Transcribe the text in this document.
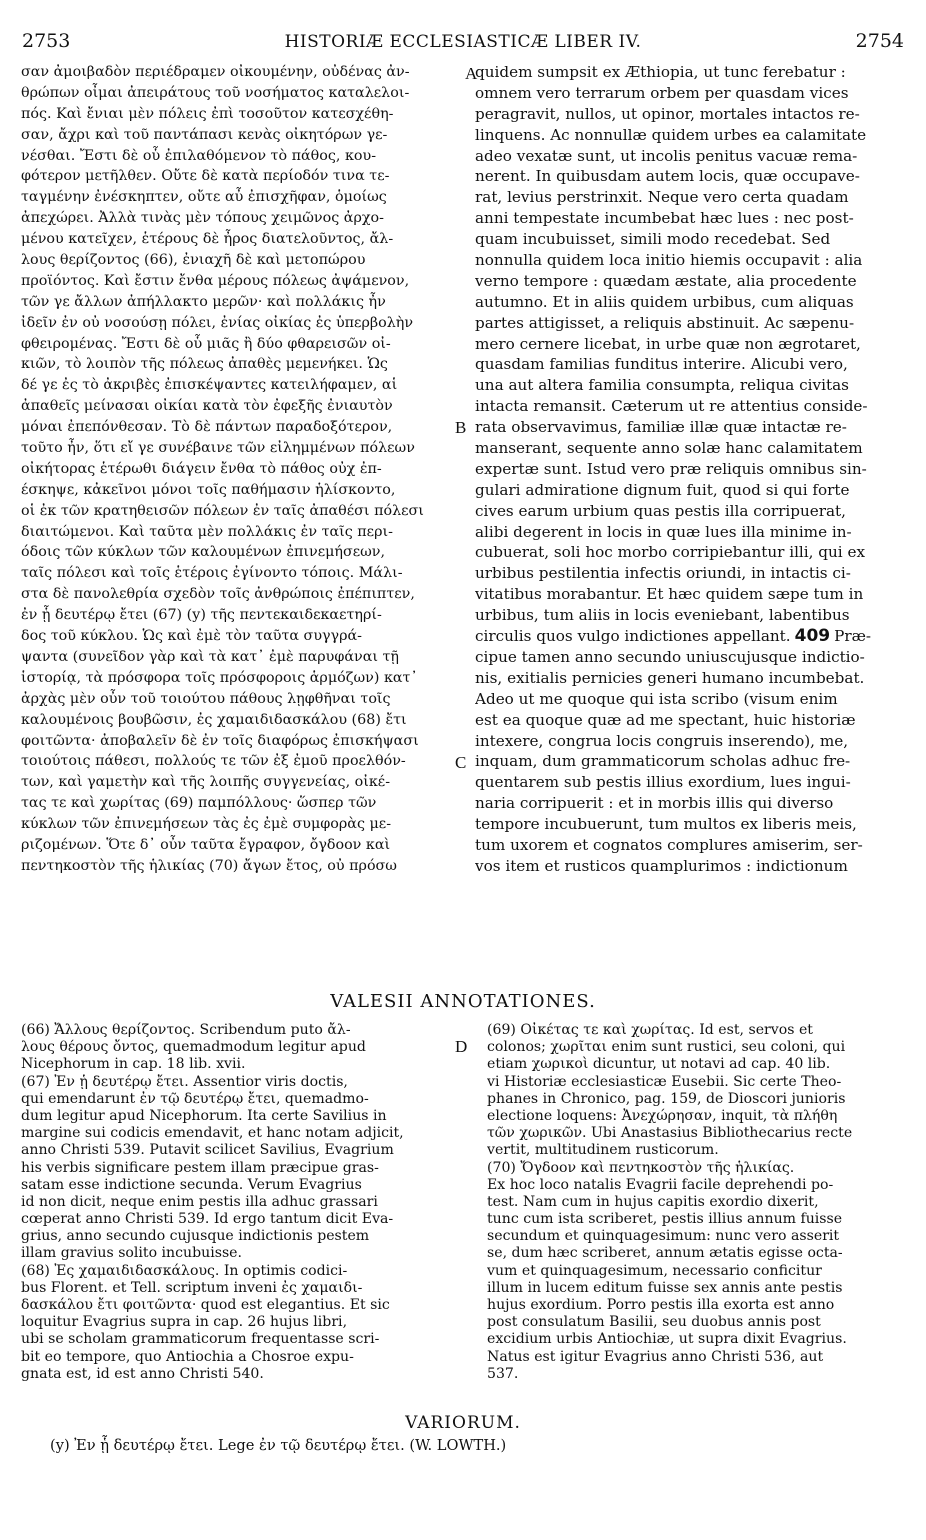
2753	HISTORIÆ ECCLESIASTICÆ LIBER IV.	2754
σαν ἀμοιβαδὸν περιέδραμεν οἰκουμένην, οὐδένας ἀν-
θρώπων οἶμαι ἀπειράτους τοῦ νοσήματος καταλελοι-
πός. Καὶ ἔνιαι μὲν πόλεις ἐπὶ τοσοῦτον κατεσχέθη-
σαν, ἄχρι καὶ τοῦ παντάπασι κενὰς οἰκητόρων γε-
νέσθαι. Ἔστι δὲ οὗ ἐπιλαθόμενον τὸ πάθος, κου-
φότερον μετῆλθεν. Οὔτε δὲ κατὰ περίοδόν τινα τε-
ταγμένην ἐνέσκηπτεν, οὔτε αὖ ἐπισχῆφαν, ὁμοίως
ἀπεχώρει. Ἀλλὰ τινὰς μὲν τόπους χειμῶνος ἀρχο-
μένου κατεῖχεν, ἑτέρους δὲ ἦρος διατελοῦντος, ἄλ-
λους θερίζοντος (66), ἐνιαχῆ δὲ καὶ μετοπώρου
προϊόντος. Καὶ ἔστιν ἔνθα μέρους πόλεως ἀψάμενον,
τῶν γε ἄλλων ἀπήλλακτο μερῶν· καὶ πολλάκις ἦν
ἰδεῖν ἐν οὐ νοσούσῃ πόλει, ἐνίας οἰκίας ἐς ὑπερβολὴν
φθειρομένας. Ἔστι δὲ οὗ μιᾶς ἢ δύο φθαρεισῶν οἰ-
κιῶν, τὸ λοιπὸν τῆς πόλεως ἀπαθὲς μεμενήκει. Ὡς
δέ γε ἐς τὸ ἀκριβὲς ἐπισκέψαντες κατειλήφαμεν, αἱ
ἀπαθεῖς μείνασαι οἰκίαι κατὰ τὸν ἐφεξῆς ἐνιαυτὸν
μόναι ἐπεπόνθεσαν. Τὸ δὲ πάντων παραδοξότερον,
τοῦτο ἦν, ὅτι εἴ γε συνέβαινε τῶν εἰλημμένων πόλεων
οἰκήτορας ἑτέρωθι διάγειν ἔνθα τὸ πάθος οὐχ ἐπ-
έσκηψε, κἀκεῖνοι μόνοι τοῖς παθήμασιν ἡλίσκοντο,
οἱ ἐκ τῶν κρατηθεισῶν πόλεων ἐν ταῖς ἀπαθέσι πόλεσι
διαιτώμενοι. Καὶ ταῦτα μὲν πολλάκις ἐν ταῖς περι-
όδοις τῶν κύκλων τῶν καλουμένων ἐπινεμήσεων,
ταῖς πόλεσι καὶ τοῖς ἑτέροις ἐγίνοντο τόποις. Μάλι-
στα δὲ πανολεθρία σχεδὸν τοῖς ἀνθρώποις ἐπέπιπτεν,
ἐν ᾗ δευτέρῳ ἔτει (67) (y) τῆς πεντεκαιδεκαετηρί-
δος τοῦ κύκλου. Ὡς καὶ ἐμὲ τὸν ταῦτα συγγρά-
ψαντα (συνεῖδον γὰρ καὶ τὰ κατ᾿ ἐμὲ παρυφάναι τῇ
ἱστορίᾳ, τὰ πρόσφορα τοῖς πρόσφοροις ἁρμόζων) κατ᾿
ἀρχὰς μὲν οὖν τοῦ τοιούτου πάθους λῃφθῆναι τοῖς
καλουμένοις βουβῶσιν, ἐς χαμαιδιδασκάλου (68) ἔτι
φοιτῶντα· ἀποβαλεῖν δὲ ἐν τοῖς διαφόρως ἐπισκήψασι
τοιούτοις πάθεσι, πολλούς τε τῶν ἐξ ἐμοῦ προελθόν-
των, καὶ γαμετὴν καὶ τῆς λοιπῆς συγγενείας, οἰκέ-
τας τε καὶ χωρίτας (69) παμπόλλους· ὥσπερ τῶν
κύκλων τῶν ἐπινεμήσεων τὰς ἐς ἐμὲ συμφορὰς με-
ριζομένων. Ὅτε δ᾿ οὖν ταῦτα ἔγραφον, ὄγδοον καὶ
πεντηκοστὸν τῆς ἡλικίας (70) ἄγων ἔτος, οὐ πρόσω
quidem sumpsit ex Æthiopia, ut tunc ferebatur :
omnem vero terrarum orbem per quasdam vices
peragravit, nullos, ut opinor, mortales intactos re-
linquens. Ac nonnullæ quidem urbes ea calamitate
adeo vexatæ sunt, ut incolis penitus vacuæ rema-
nerent. In quibusdam autem locis, quæ occupave-
rat, levius perstrinxit. Neque vero certa quadam
anni tempestate incumbebat hæc lues : nec post-
quam incubuisset, simili modo recedebat. Sed
nonnulla quidem loca initio hiemis occupavit : alia
verno tempore : quædam æstate, alia procedente
autumno. Et in aliis quidem urbibus, cum aliquas
partes attigisset, a reliquis abstinuit. Ac sæpenu-
mero cernere licebat, in urbe quæ non ægrotaret,
quasdam familias funditus interire. Alicubi vero,
una aut altera familia consumpta, reliqua civitas
intacta remansit. Cæterum ut re attentius conside-
rata observavimus, familiæ illæ quæ intactæ re-
manserant, sequente anno solæ hanc calamitatem
expertæ sunt. Istud vero præ reliquis omnibus sin-
gulari admiratione dignum fuit, quod si qui forte
cives earum urbium quas pestis illa corripuerat,
alibi degerent in locis in quæ lues illa minime in-
cubuerat, soli hoc morbo corripiebantur illi, qui ex
urbibus pestilentia infectis oriundi, in intactis ci-
vitatibus morabantur. Et hæc quidem sæpe tum in
urbibus, tum aliis in locis eveniebant, labentibus
circulis quos vulgo indictiones appellant. 409 Præ-
cipue tamen anno secundo uniuscujusque indictio-
nis, exitialis pernicies generi humano incumbebat.
Adeo ut me quoque qui ista scribo (visum enim
est ea quoque quæ ad me spectant, huic historiæ
intexere, congrua locis congruis inserendo), me,
inquam, dum grammaticorum scholas adhuc fre-
quentarem sub pestis illius exordium, lues ingui-
naria corripuerit : et in morbis illis qui diverso
tempore incubuerunt, tum multos ex liberis meis,
tum uxorem et cognatos complures amiserim, ser-
vos item et rusticos quamplurimos : indictionum
A
B
C
D
VALESII ANNOTATIONES.
(66) Ἄλλους θερίζοντος. Scribendum puto ἄλ-
λους θέρους ὄντος, quemadmodum legitur apud
Nicephorum in cap. 18 lib. xvii.
(67) Ἐν ᾗ δευτέρῳ ἔτει. Assentior viris doctis,
qui emendarunt ἐν τῷ δευτέρῳ ἔτει, quemadmo-
dum legitur apud Nicephorum. Ita certe Savilius in
margine sui codicis emendavit, et hanc notam adjicit,
anno Christi 539. Putavit scilicet Savilius, Evagrium
his verbis significare pestem illam præcipue gras-
satam esse indictione secunda. Verum Evagrius
id non dicit, neque enim pestis illa adhuc grassari
cœperat anno Christi 539. Id ergo tantum dicit Eva-
grius, anno secundo cujusque indictionis pestem
illam gravius solito incubuisse.
(68) Ἐς χαμαιδιδασκάλους. In optimis codici-
bus Florent. et Tell. scriptum inveni ἐς χαμαιδι-
δασκάλου ἔτι φοιτῶντα· quod est elegantius. Et sic
loquitur Evagrius supra in cap. 26 hujus libri,
ubi se scholam grammaticorum frequentasse scri-
bit eo tempore, quo Antiochia a Chosroe expu-
gnata est, id est anno Christi 540.
(69) Οἰκέτας τε καὶ χωρίτας. Id est, servos et
colonos; χωρῖται enim sunt rustici, seu coloni, qui
etiam χωρικοὶ dicuntur, ut notavi ad cap. 40 lib.
vi Historiæ ecclesiasticæ Eusebii. Sic certe Theo-
phanes in Chronico, pag. 159, de Dioscori junioris
electione loquens: Ἀνεχώρησαν, inquit, τὰ πλήθη
τῶν χωρικῶν. Ubi Anastasius Bibliothecarius recte
vertit, multitudinem rusticorum.
(70) Ὄγδοον καὶ πεντηκοστὸν τῆς ἡλικίας.
Ex hoc loco natalis Evagrii facile deprehendi po-
test. Nam cum in hujus capitis exordio dixerit,
tunc cum ista scriberet, pestis illius annum fuisse
secundum et quinquagesimum: nunc vero asserit
se, dum hæc scriberet, annum ætatis egisse octa-
vum et quinquagesimum, necessario conficitur
illum in lucem editum fuisse sex annis ante pestis
hujus exordium. Porro pestis illa exorta est anno
post consulatum Basilii, seu duobus annis post
excidium urbis Antiochiæ, ut supra dixit Evagrius.
Natus est igitur Evagrius anno Christi 536, aut
537.
VARIORUM.
(y) Ἐν ᾗ δευτέρῳ ἔτει. Lege ἐν τῷ δευτέρῳ ἔτει. (W. LOWTH.)
